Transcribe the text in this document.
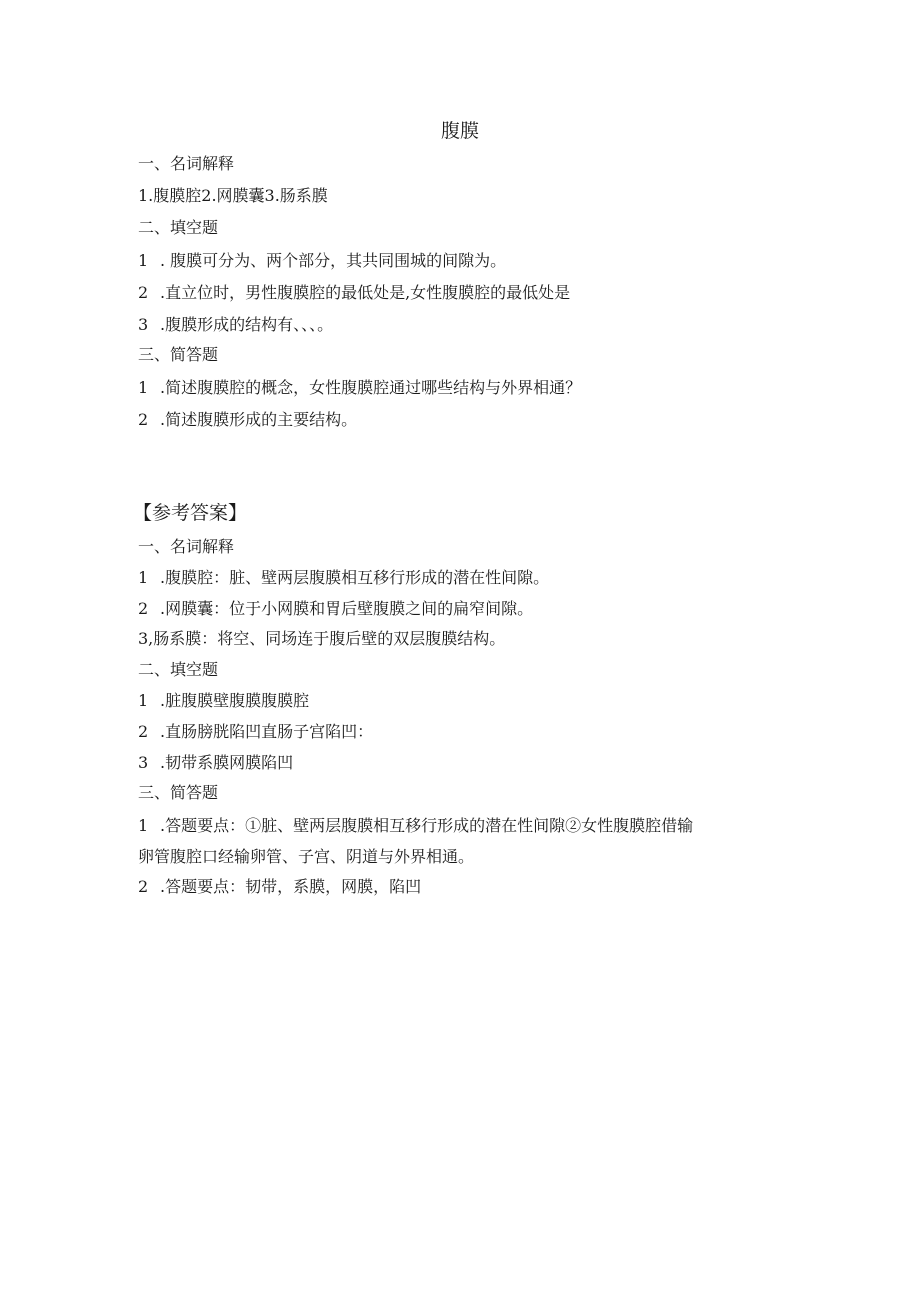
腹膜
一、名词解释
1.腹膜腔2.网膜囊3.肠系膜
二、填空题
1 . 腹膜可分为、两个部分，其共同围城的间隙为。
2 .直立位时，男性腹膜腔的最低处是,女性腹膜腔的最低处是
3 .腹膜形成的结构有、、、。
三、简答题
1 .简述腹膜腔的概念，女性腹膜腔通过哪些结构与外界相通？
2 .简述腹膜形成的主要结构。
【参考答案】
一、名词解释
1 .腹膜腔：脏、壁两层腹膜相互移行形成的潜在性间隙。
2 .网膜囊：位于小网膜和胃后壁腹膜之间的扁窄间隙。
3,肠系膜：将空、同场连于腹后壁的双层腹膜结构。
二、填空题
1 .脏腹膜壁腹膜腹膜腔
2 .直肠膀胱陷凹直肠子宫陷凹：
3 .韧带系膜网膜陷凹
三、简答题
1 .答题要点：①脏、壁两层腹膜相互移行形成的潜在性间隙②女性腹膜腔借输
卵管腹腔口经输卵管、子宫、阴道与外界相通。
2 .答题要点：韧带，系膜，网膜，陷凹
